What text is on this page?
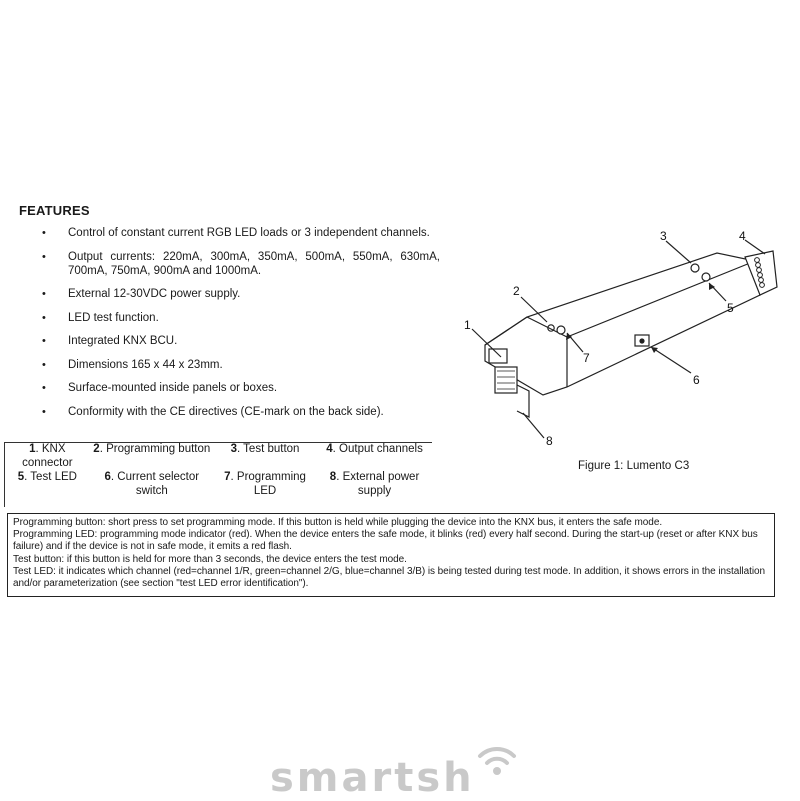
FEATURES
• Control of constant current RGB LED loads or 3 independent channels.
• Output currents: 220mA, 300mA, 350mA, 500mA, 550mA, 630mA, 700mA, 750mA, 900mA and 1000mA.
• External 12-30VDC power supply.
• LED test function.
• Integrated KNX BCU.
• Dimensions 165 x 44 x 23mm.
• Surface-mounted inside panels or boxes.
• Conformity with the CE directives (CE-mark on the back side).
1. KNX connector	2. Programming button	3. Test button	4. Output channels
5. Test LED	6. Current selector switch	7. Programming LED	8. External power supply
1
2
3	4
5
6
7
8
Figure 1: Lumento C3

Programming button: short press to set programming mode. If this button is held while plugging the device into the KNX bus, it enters the safe mode.

Programming LED: programming mode indicator (red). When the device enters the safe mode, it blinks (red) every half second. During the start-up (reset or after KNX bus failure) and if the device is not in safe mode, it emits a red flash.

Test button: if this button is held for more than 3 seconds, the device enters the test mode.

Test LED: it indicates which channel (red=channel 1/R, green=channel 2/G, blue=channel 3/B) is being tested during test mode. In addition, it shows errors in the installation and/or parameterization (see section "test LED error identification").

smartsh
